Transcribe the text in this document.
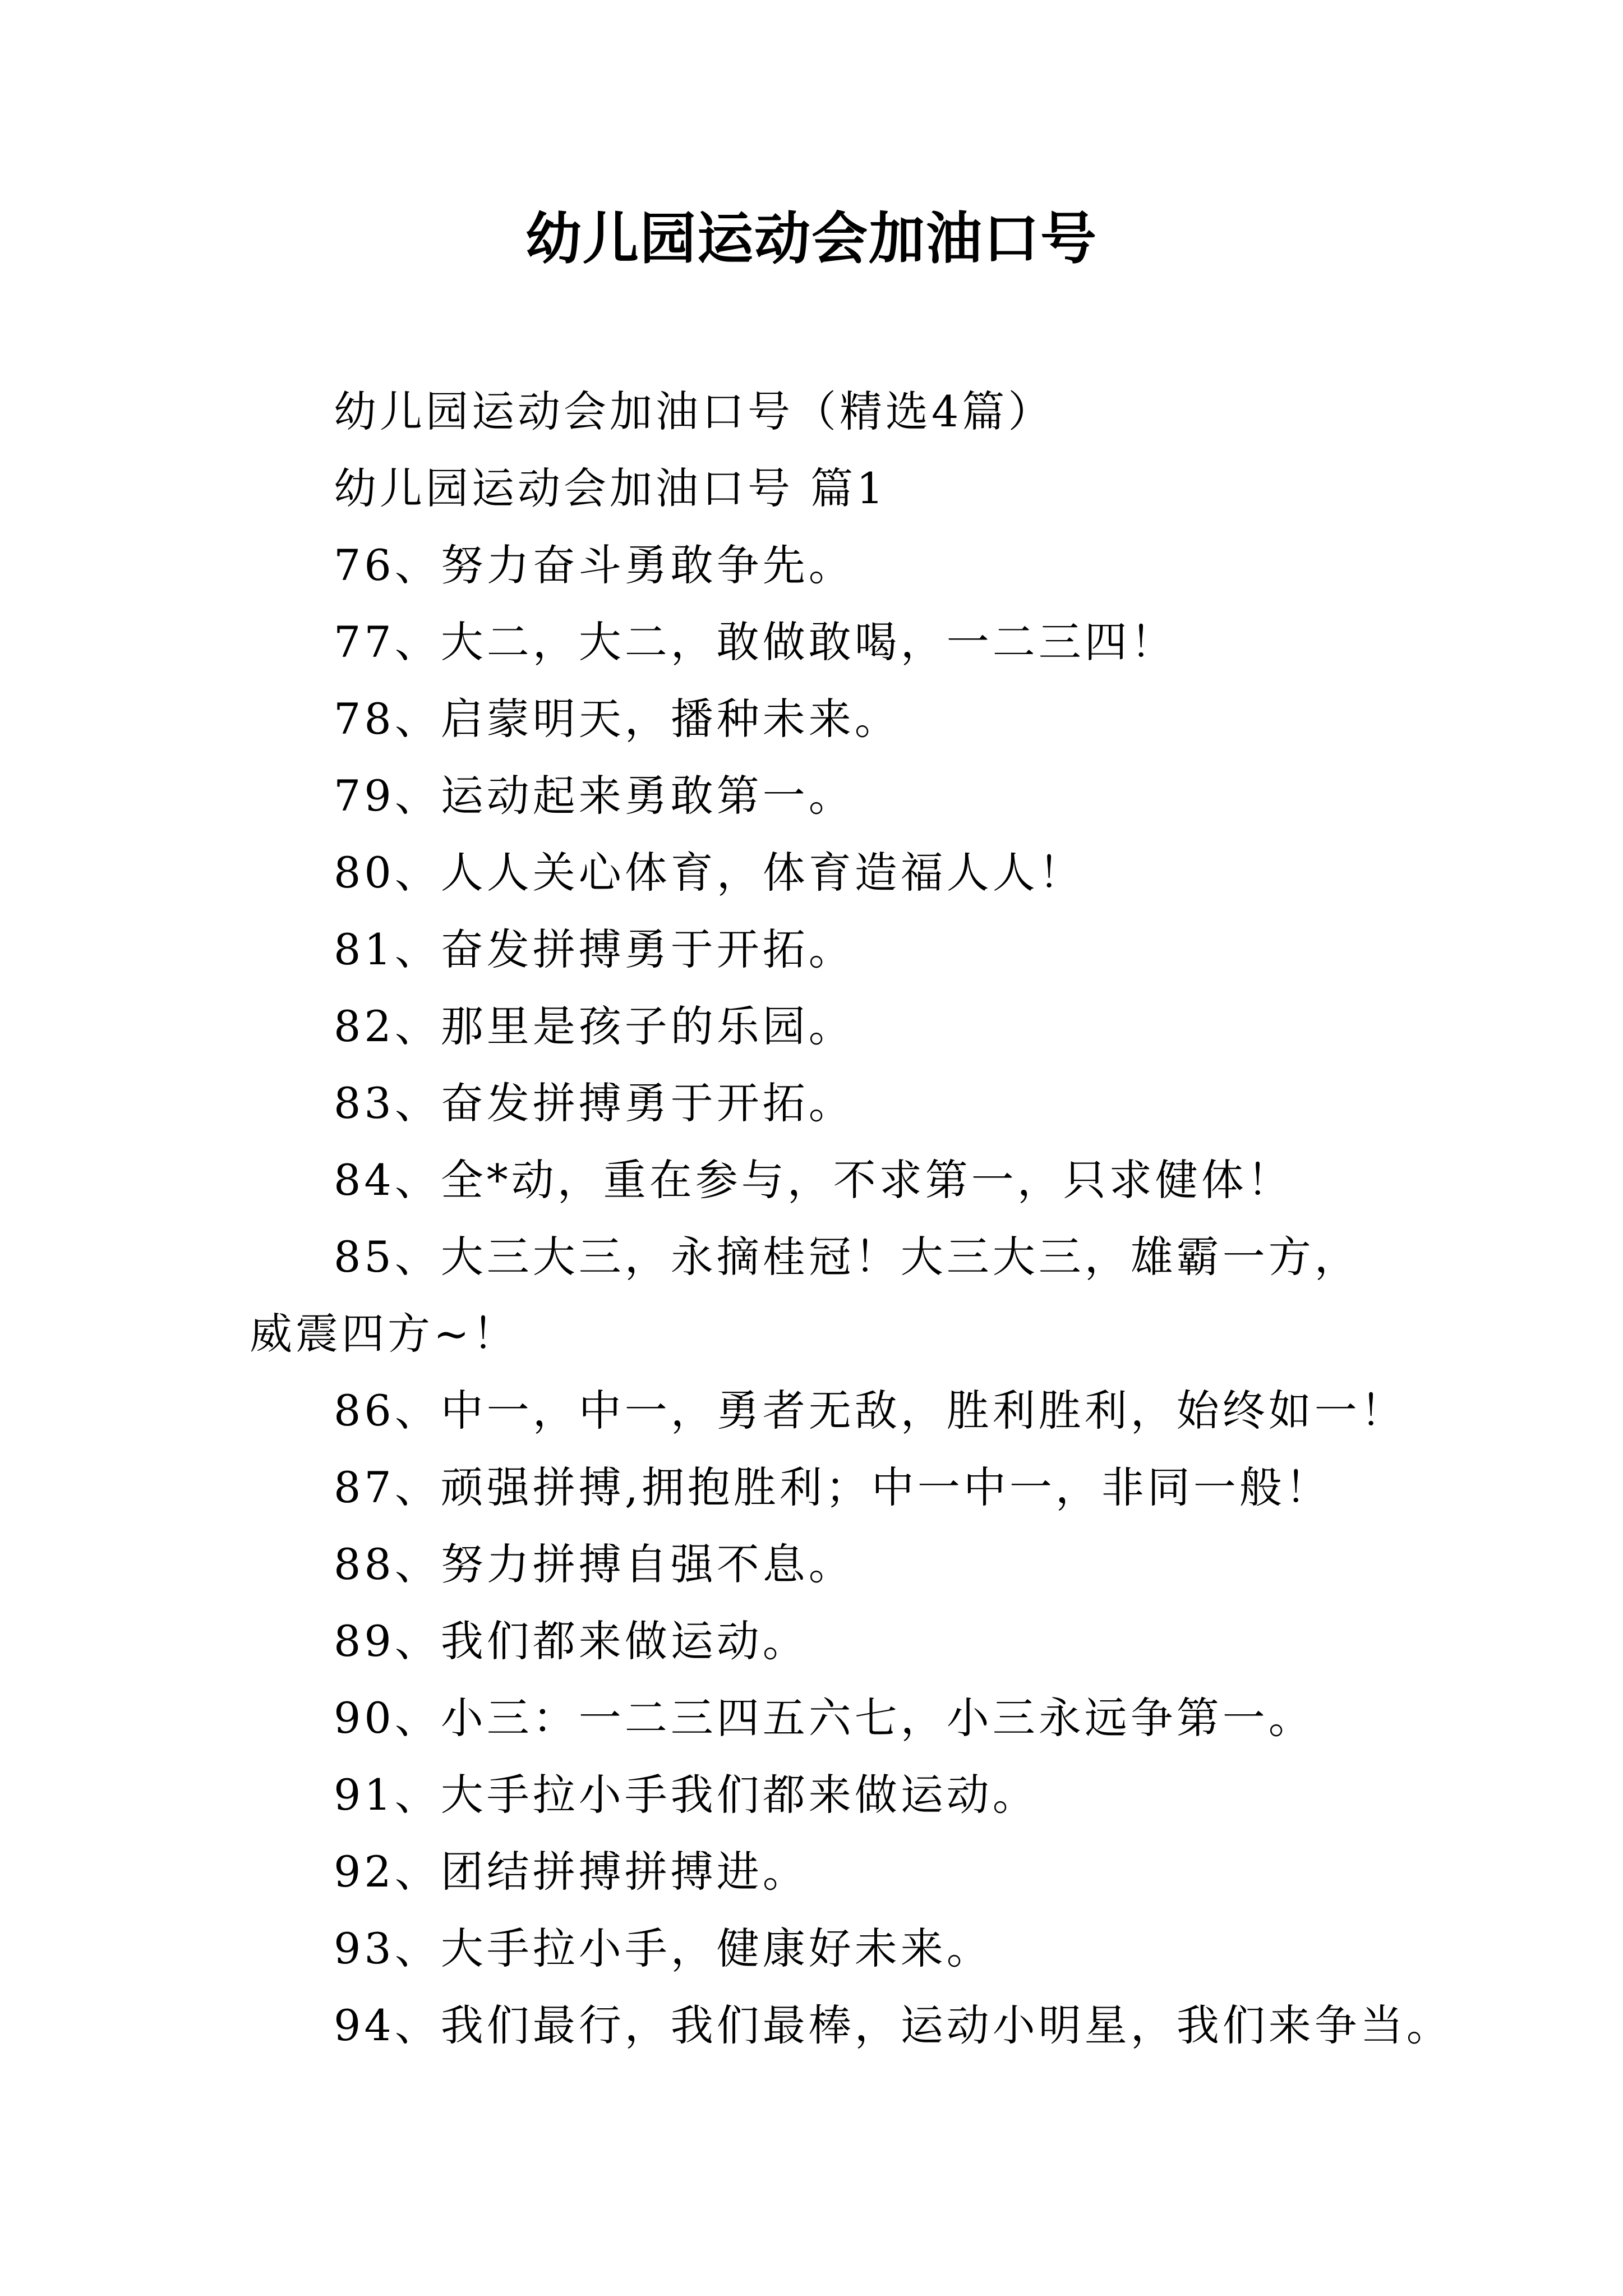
幼儿园运动会加油口号

幼儿园运动会加油口号（精选4篇）

幼儿园运动会加油口号 篇1

76、努力奋斗勇敢争先。

77、大二，大二，敢做敢喝，一二三四！

78、启蒙明天，播种未来。

79、运动起来勇敢第一。

80、人人关心体育，体育造福人人！

81、奋发拼搏勇于开拓。

82、那里是孩子的乐园。

83、奋发拼搏勇于开拓。

84、全*动，重在参与，不求第一，只求健体！

85、大三大三，永摘桂冠！大三大三，雄霸一方，威震四方~！

86、中一，中一，勇者无敌，胜利胜利，始终如一！

87、顽强拼搏,拥抱胜利；中一中一，非同一般！

88、努力拼搏自强不息。

89、我们都来做运动。

90、小三：一二三四五六七，小三永远争第一。

91、大手拉小手我们都来做运动。

92、团结拼搏拼搏进。

93、大手拉小手，健康好未来。

94、我们最行，我们最棒，运动小明星，我们来争当。
